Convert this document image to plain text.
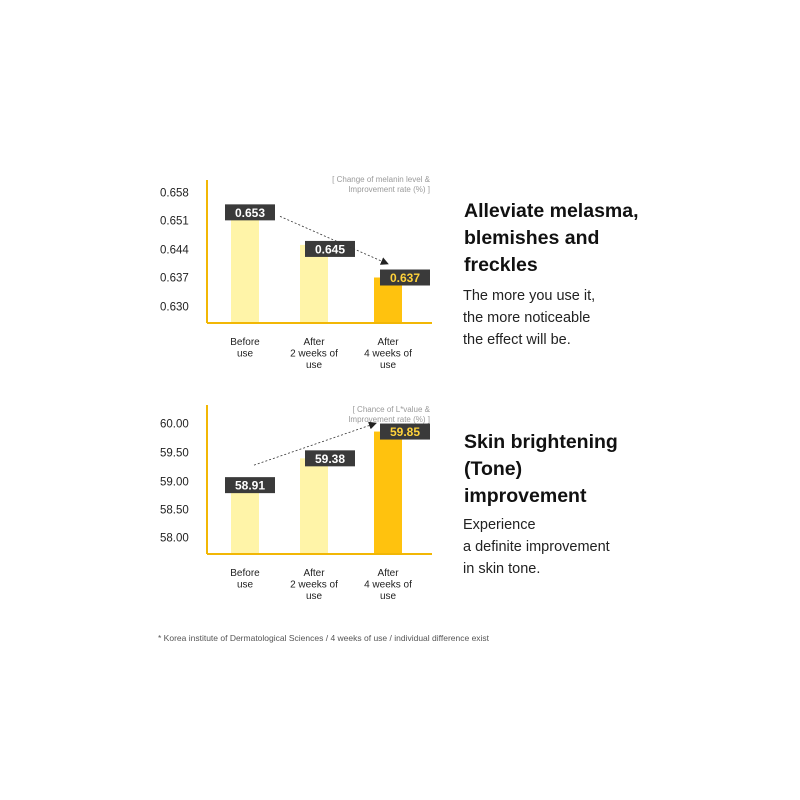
0.658
0.651
0.644
0.637
0.630
Before use
After 2 weeks of use
After 4 weeks of use
[ Change of melanin level & Improvement rate (%) ]
0.653
0.645
0.637
60.00
59.50
59.00
58.50
58.00
Before use
After 2 weeks of use
After 4 weeks of use
[ Chance of L*value & Improvement rate (%) ]
58.91
59.38
59.85
Alleviate melasma,
blemishes and
freckles
The more you use it,
the more noticeable
the effect will be.
Skin brightening
(Tone)
improvement
Experience
a definite improvement
in skin tone.
* Korea institute of Dermatological Sciences / 4 weeks of use / individual difference exist
